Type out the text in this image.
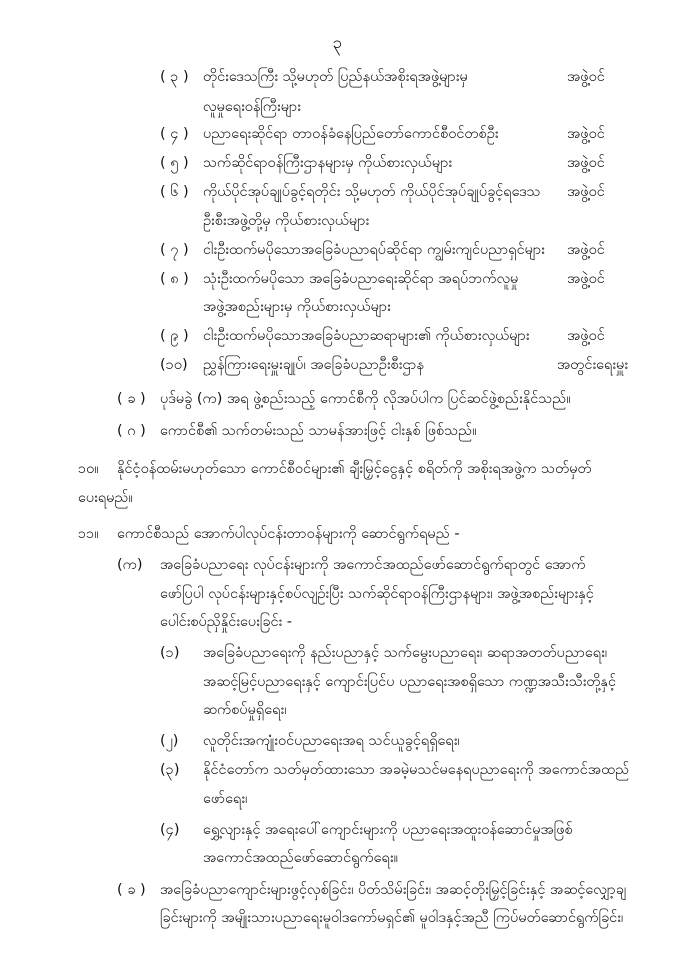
၃
( ၃ ) တိုင်းဒေသကြီး သို့မဟုတ် ပြည်နယ်အစိုးရအဖွဲ့များမှ	အဖွဲ့ဝင်
လူမှုရေးဝန်ကြီးများ
( ၄ ) ပညာရေးဆိုင်ရာ တာဝန်ခံနေပြည်တော်ကောင်စီဝင်တစ်ဦး	အဖွဲ့ဝင်
( ၅ ) သက်ဆိုင်ရာဝန်ကြီးဌာနများမှ ကိုယ်စားလှယ်များ	အဖွဲ့ဝင်
( ၆ ) ကိုယ်ပိုင်အုပ်ချုပ်ခွင့်ရတိုင်း သို့မဟုတ် ကိုယ်ပိုင်အုပ်ချုပ်ခွင့်ရဒေသ အဖွဲ့ဝင်
ဦးစီးအဖွဲ့တို့မှ ကိုယ်စားလှယ်များ
( ၇ ) ငါးဦးထက်မပိုသောအခြေခံပညာရပ်ဆိုင်ရာ ကျွမ်းကျင်ပညာရှင်များ အဖွဲ့ဝင်
( ၈ ) သုံးဦးထက်မပိုသော အခြေခံပညာရေးဆိုင်ရာ အရပ်ဘက်လူမှု	အဖွဲ့ဝင်
အဖွဲ့အစည်းများမှ ကိုယ်စားလှယ်များ
( ၉ ) ငါးဦးထက်မပိုသောအခြေခံပညာဆရာများ၏ ကိုယ်စားလှယ်များ	အဖွဲ့ဝင်
(၁၀) ညွှန်ကြားရေးမှူးချုပ်၊ အခြေခံပညာဦးစီးဌာန	အတွင်းရေးမှူး
( ခ ) ပုဒ်မခွဲ (က) အရ ဖွဲ့စည်းသည့် ကောင်စီကို လိုအပ်ပါက ပြင်ဆင်ဖွဲ့စည်းနိုင်သည်။
( ဂ ) ကောင်စီ၏ သက်တမ်းသည် သာမန်အားဖြင့် ငါးနှစ် ဖြစ်သည်။
၁၀။ နိုင်ငံ့ဝန်ထမ်းမဟုတ်သော ကောင်စီဝင်များ၏ ချီးမြှင့်ငွေနှင့် စရိတ်ကို အစိုးရအဖွဲ့က သတ်မှတ်
ပေးရမည်။
၁၁။ ကောင်စီသည် အောက်ပါလုပ်ငန်းတာဝန်များကို ဆောင်ရွက်ရမည် -
(က) အခြေခံပညာရေး လုပ်ငန်းများကို အကောင်အထည်ဖော်ဆောင်ရွက်ရာတွင် အောက်
ဖော်ပြပါ လုပ်ငန်းများနှင့်စပ်လျဉ်းပြီး သက်ဆိုင်ရာဝန်ကြီးဌာနများ၊ အဖွဲ့အစည်းများနှင့်
ပေါင်းစပ်ညှိနှိုင်းပေးခြင်း -
(၁) အခြေခံပညာရေးကို နည်းပညာနှင့် သက်မွေးပညာရေး၊ ဆရာအတတ်ပညာရေး၊
အဆင့်မြင့်ပညာရေးနှင့် ကျောင်းပြင်ပ ပညာရေးအစရှိသော ကဏ္ဍအသီးသီးတို့နှင့်
ဆက်စပ်မှုရှိရေး၊
(၂) လူတိုင်းအကျုံးဝင်ပညာရေးအရ သင်ယူခွင့်ရရှိရေး၊
(၃) နိုင်ငံတော်က သတ်မှတ်ထားသော အခမဲ့မသင်မနေရပညာရေးကို အကောင်အထည်
ဖော်ရေး၊
(၄) ရွှေ့လျားနှင့် အရေးပေါ်ကျောင်းများကို ပညာရေးအထူးဝန်ဆောင်မှုအဖြစ်
အကောင်အထည်ဖော်ဆောင်ရွက်ရေး။
( ခ ) အခြေခံပညာကျောင်းများဖွင့်လှစ်ခြင်း၊ ပိတ်သိမ်းခြင်း၊ အဆင့်တိုးမြှင့်ခြင်းနှင့် အဆင့်လျှော့ချ
ခြင်းများကို အမျိုးသားပညာရေးမူဝါဒကော်မရှင်၏ မူဝါဒနှင့်အညီ ကြပ်မတ်ဆောင်ရွက်ခြင်း၊
